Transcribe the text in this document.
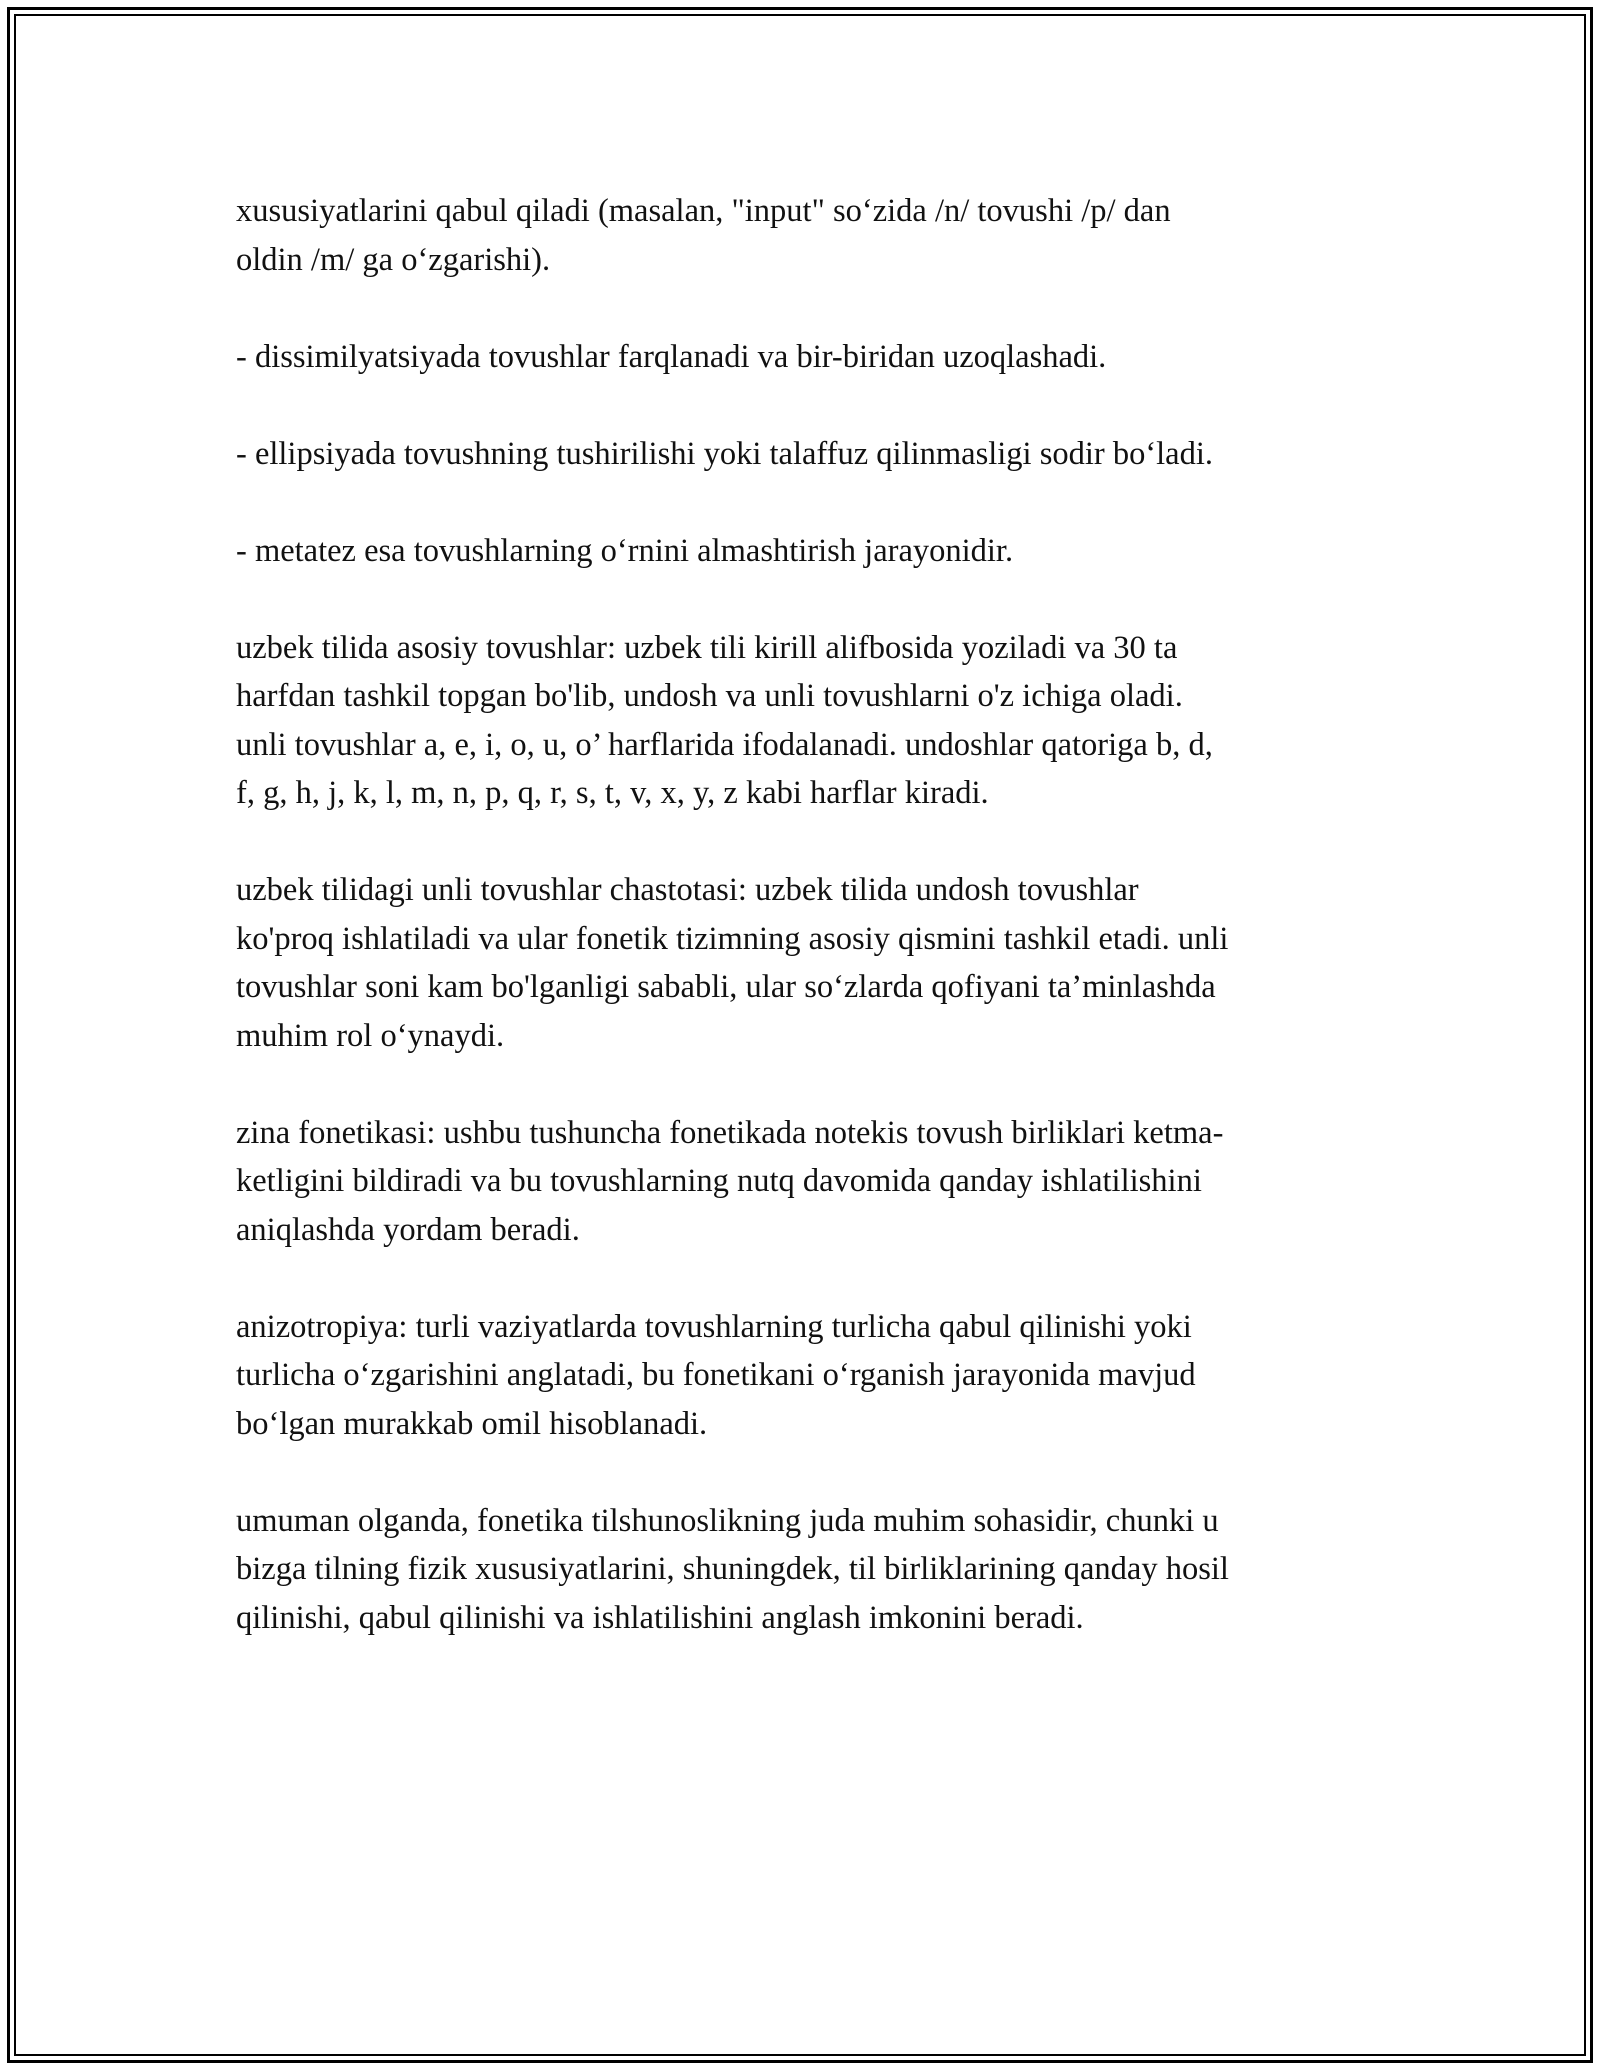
xususiyatlarini qabul qiladi (masalan, "input" so‘zida /n/ tovushi /p/ dan
oldin /m/ ga o‘zgarishi).

- dissimilyatsiyada tovushlar farqlanadi va bir-biridan uzoqlashadi.

- ellipsiyada tovushning tushirilishi yoki talaffuz qilinmasligi sodir bo‘ladi.

- metatez esa tovushlarning o‘rnini almashtirish jarayonidir.

uzbek tilida asosiy tovushlar: uzbek tili kirill alifbosida yoziladi va 30 ta
harfdan tashkil topgan bo'lib, undosh va unli tovushlarni o'z ichiga oladi.
unli tovushlar a, e, i, o, u, o’ harflarida ifodalanadi. undoshlar qatoriga b, d,
f, g, h, j, k, l, m, n, p, q, r, s, t, v, x, y, z kabi harflar kiradi.

uzbek tilidagi unli tovushlar chastotasi: uzbek tilida undosh tovushlar
ko'proq ishlatiladi va ular fonetik tizimning asosiy qismini tashkil etadi. unli
tovushlar soni kam bo'lganligi sababli, ular so‘zlarda qofiyani ta’minlashda
muhim rol o‘ynaydi.

zina fonetikasi: ushbu tushuncha fonetikada notekis tovush birliklari ketma-
ketligini bildiradi va bu tovushlarning nutq davomida qanday ishlatilishini
aniqlashda yordam beradi.

anizotropiya: turli vaziyatlarda tovushlarning turlicha qabul qilinishi yoki
turlicha o‘zgarishini anglatadi, bu fonetikani o‘rganish jarayonida mavjud
bo‘lgan murakkab omil hisoblanadi.

umuman olganda, fonetika tilshunoslikning juda muhim sohasidir, chunki u
bizga tilning fizik xususiyatlarini, shuningdek, til birliklarining qanday hosil
qilinishi, qabul qilinishi va ishlatilishini anglash imkonini beradi.
